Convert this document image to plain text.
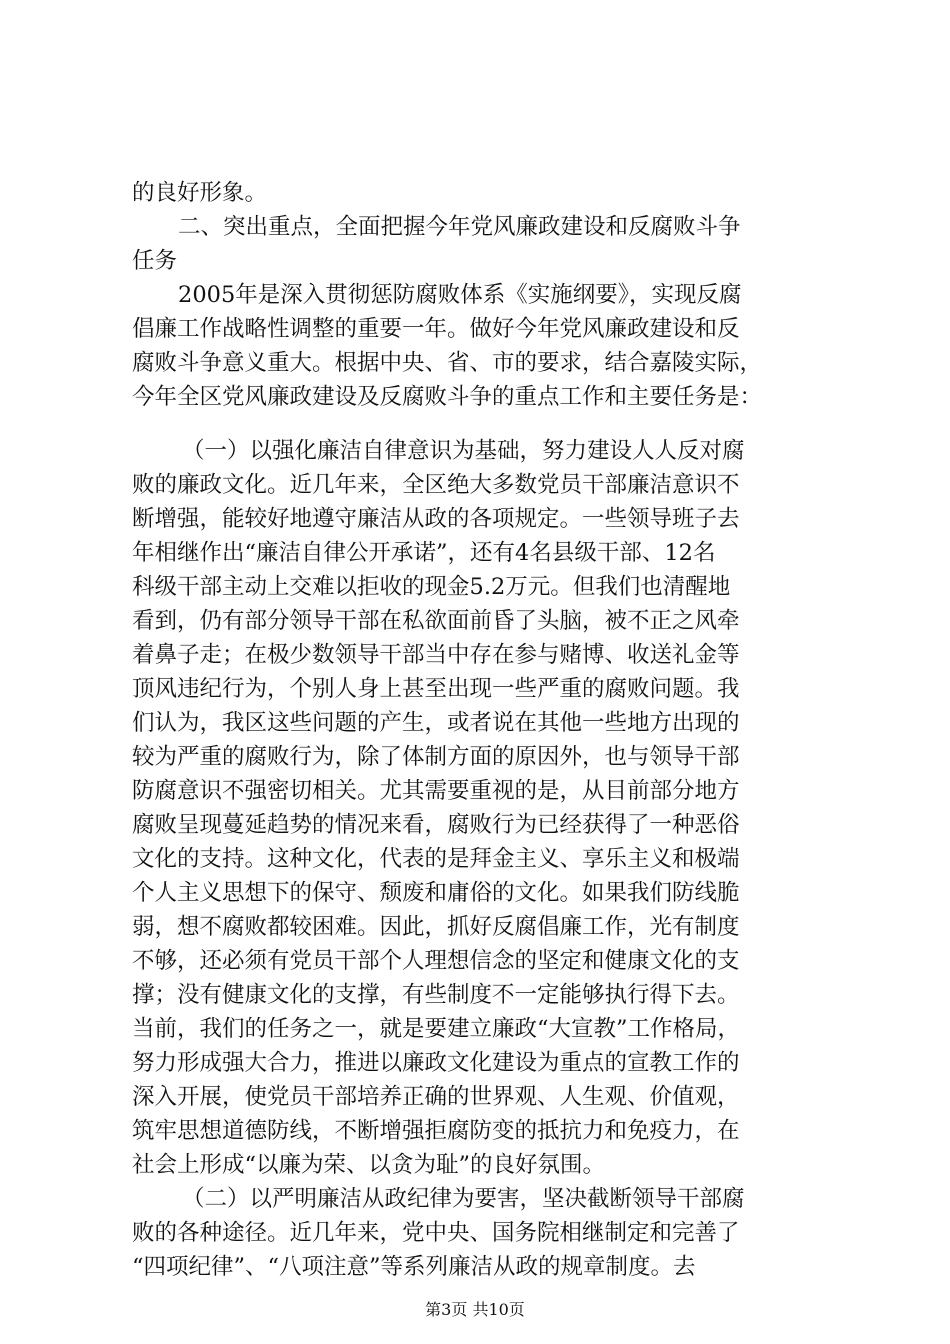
的良好形象。
二、突出重点，全面把握今年党风廉政建设和反腐败斗争
任务
2005年是深入贯彻惩防腐败体系《实施纲要》，实现反腐
倡廉工作战略性调整的重要一年。做好今年党风廉政建设和反
腐败斗争意义重大。根据中央、省、市的要求，结合嘉陵实际，
今年全区党风廉政建设及反腐败斗争的重点工作和主要任务是：
（一）以强化廉洁自律意识为基础，努力建设人人反对腐
败的廉政文化。近几年来，全区绝大多数党员干部廉洁意识不
断增强，能较好地遵守廉洁从政的各项规定。一些领导班子去
年相继作出“廉洁自律公开承诺”，还有4名县级干部、12名
科级干部主动上交难以拒收的现金5.2万元。但我们也清醒地
看到，仍有部分领导干部在私欲面前昏了头脑，被不正之风牵
着鼻子走；在极少数领导干部当中存在参与赌博、收送礼金等
顶风违纪行为，个别人身上甚至出现一些严重的腐败问题。我
们认为，我区这些问题的产生，或者说在其他一些地方出现的
较为严重的腐败行为，除了体制方面的原因外，也与领导干部
防腐意识不强密切相关。尤其需要重视的是，从目前部分地方
腐败呈现蔓延趋势的情况来看，腐败行为已经获得了一种恶俗
文化的支持。这种文化，代表的是拜金主义、享乐主义和极端
个人主义思想下的保守、颓废和庸俗的文化。如果我们防线脆
弱，想不腐败都较困难。因此，抓好反腐倡廉工作，光有制度
不够，还必须有党员干部个人理想信念的坚定和健康文化的支
撑；没有健康文化的支撑，有些制度不一定能够执行得下去。
当前，我们的任务之一，就是要建立廉政“大宣教”工作格局，
努力形成强大合力，推进以廉政文化建设为重点的宣教工作的
深入开展，使党员干部培养正确的世界观、人生观、价值观，
筑牢思想道德防线，不断增强拒腐防变的抵抗力和免疫力，在
社会上形成“以廉为荣、以贪为耻”的良好氛围。
（二）以严明廉洁从政纪律为要害，坚决截断领导干部腐
败的各种途径。近几年来，党中央、国务院相继制定和完善了
“四项纪律”、“八项注意”等系列廉洁从政的规章制度。去
第3页 共10页
